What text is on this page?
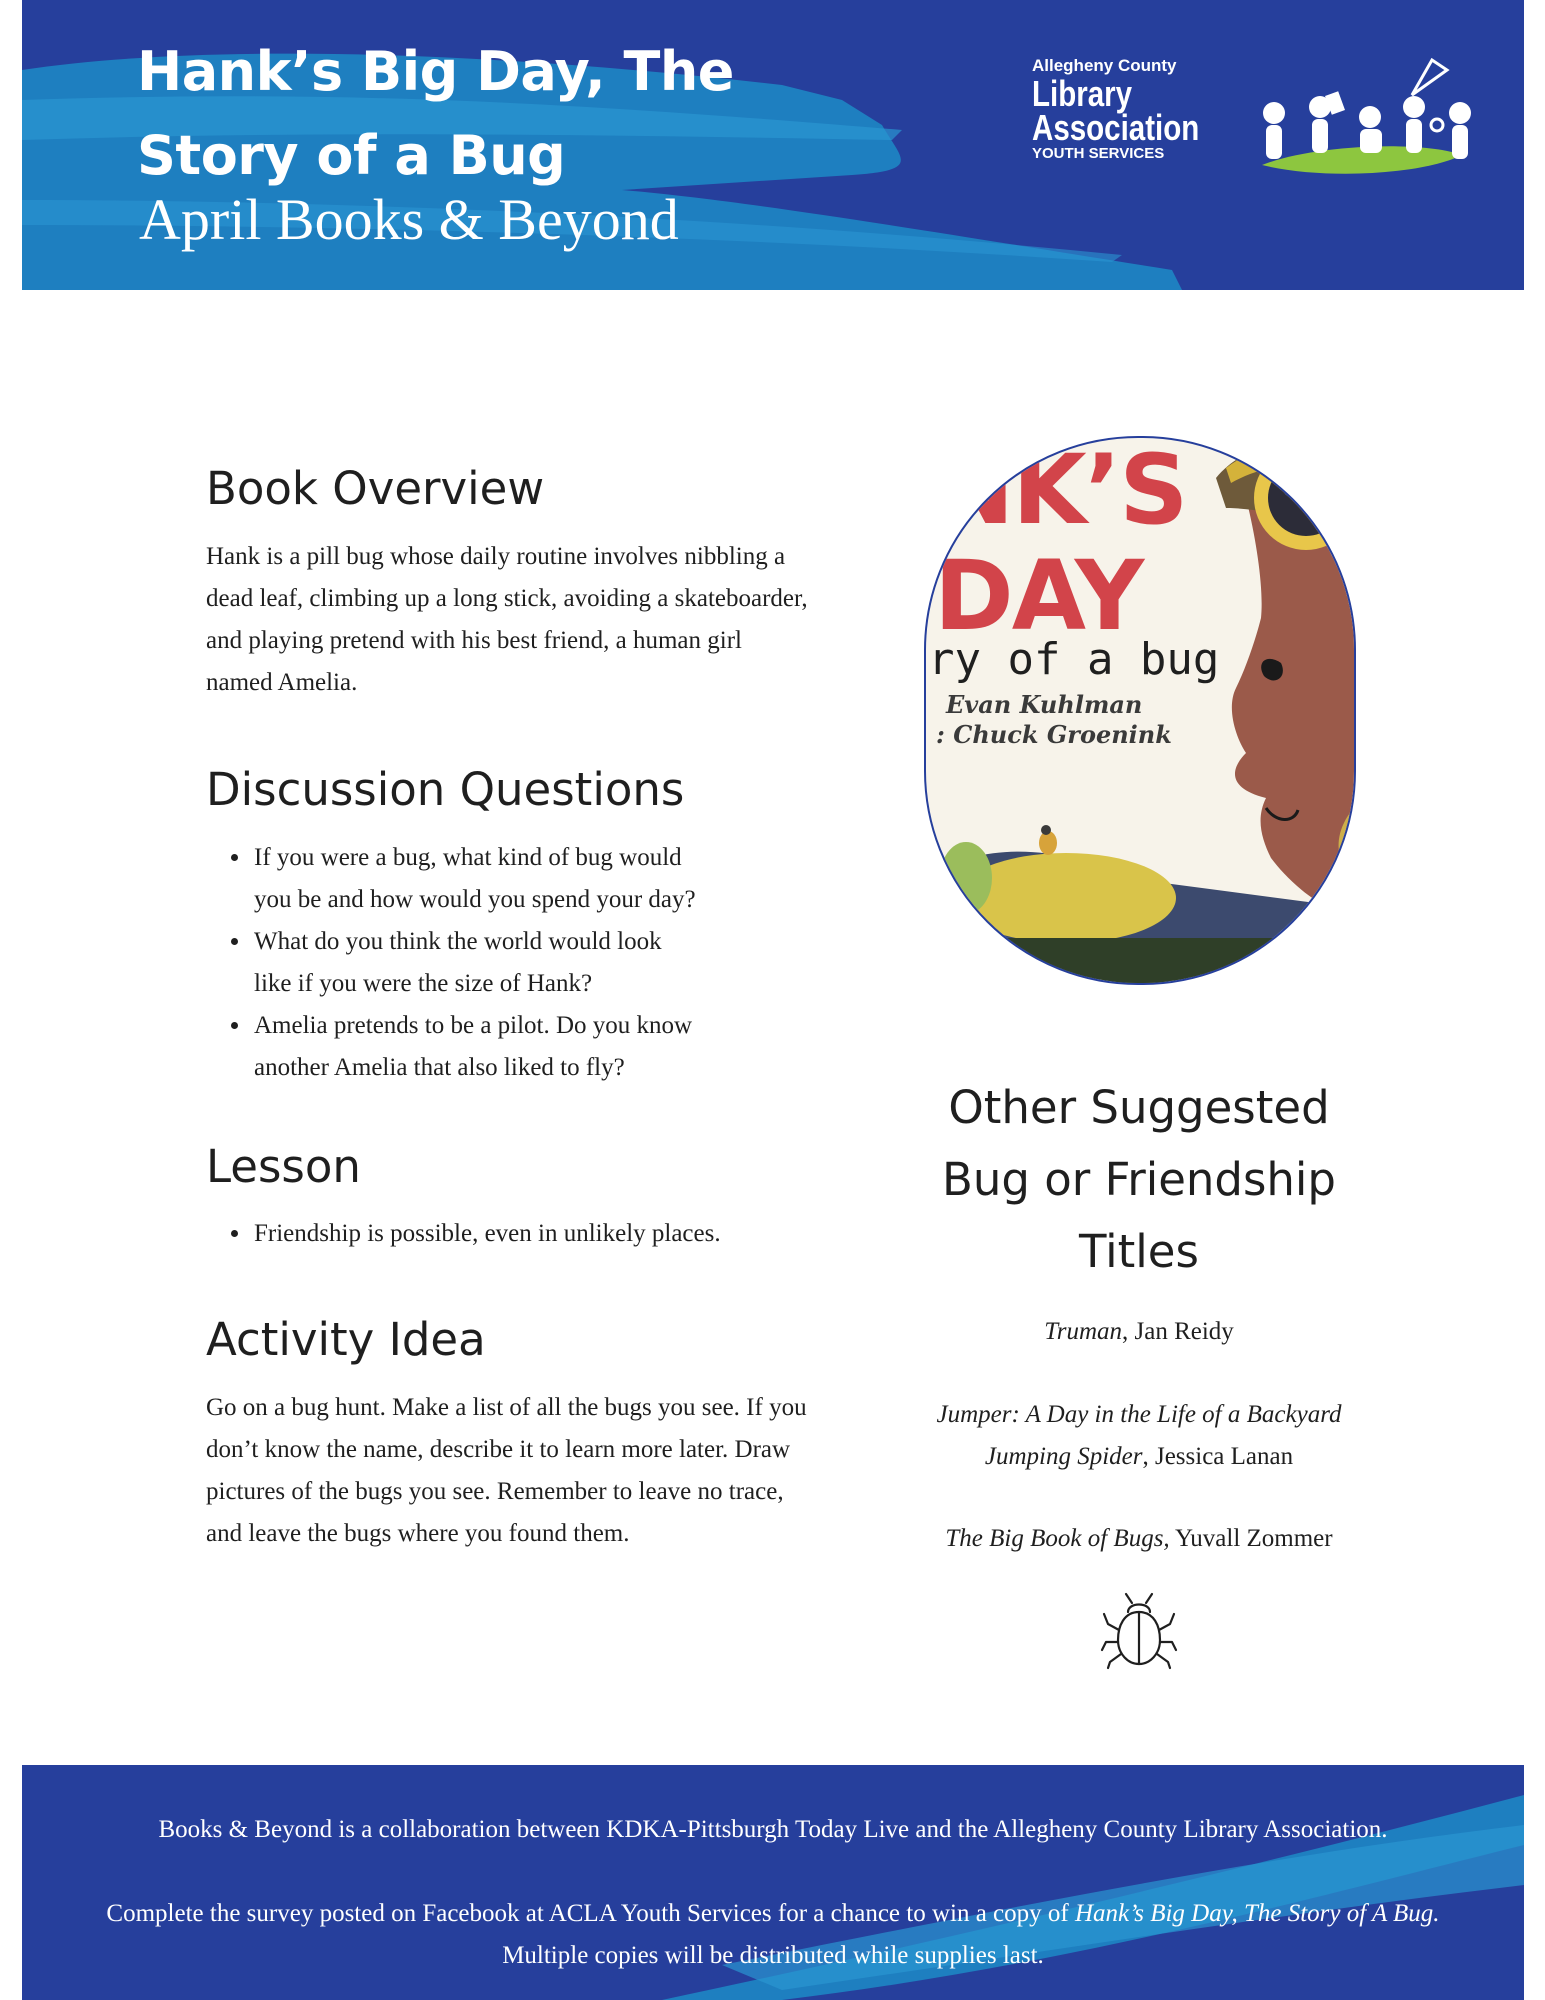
Hank’s Big Day, The
Story of a Bug
April Books & Beyond
Allegheny County
Library
Association
YOUTH SERVICES
Book Overview
Hank is a pill bug whose daily routine involves nibbling a
dead leaf, climbing up a long stick, avoiding a skateboarder,
and playing pretend with his best friend, a human girl
named Amelia.
Discussion Questions
• If you were a bug, what kind of bug would
you be and how would you spend your day?
• What do you think the world would look
like if you were the size of Hank?
• Amelia pretends to be a pilot. Do you know
another Amelia that also liked to fly?
Lesson
• Friendship is possible, even in unlikely places.
Activity Idea
Go on a bug hunt. Make a list of all the bugs you see. If you
don’t know the name, describe it to learn more later. Draw
pictures of the bugs you see. Remember to leave no trace,
and leave the bugs where you found them.
NK’S
DAY
ry of a bug
Evan Kuhlman
: Chuck Groenink
Other Suggested
Bug or Friendship
Titles

Truman, Jan Reidy

Jumper: A Day in the Life of a Backyard
Jumping Spider, Jessica Lanan

The Big Book of Bugs, Yuvall Zommer

Books & Beyond is a collaboration between KDKA-Pittsburgh Today Live and the Allegheny County Library Association.

Complete the survey posted on Facebook at ACLA Youth Services for a chance to win a copy of Hank’s Big Day, The Story of A Bug.

Multiple copies will be distributed while supplies last.
